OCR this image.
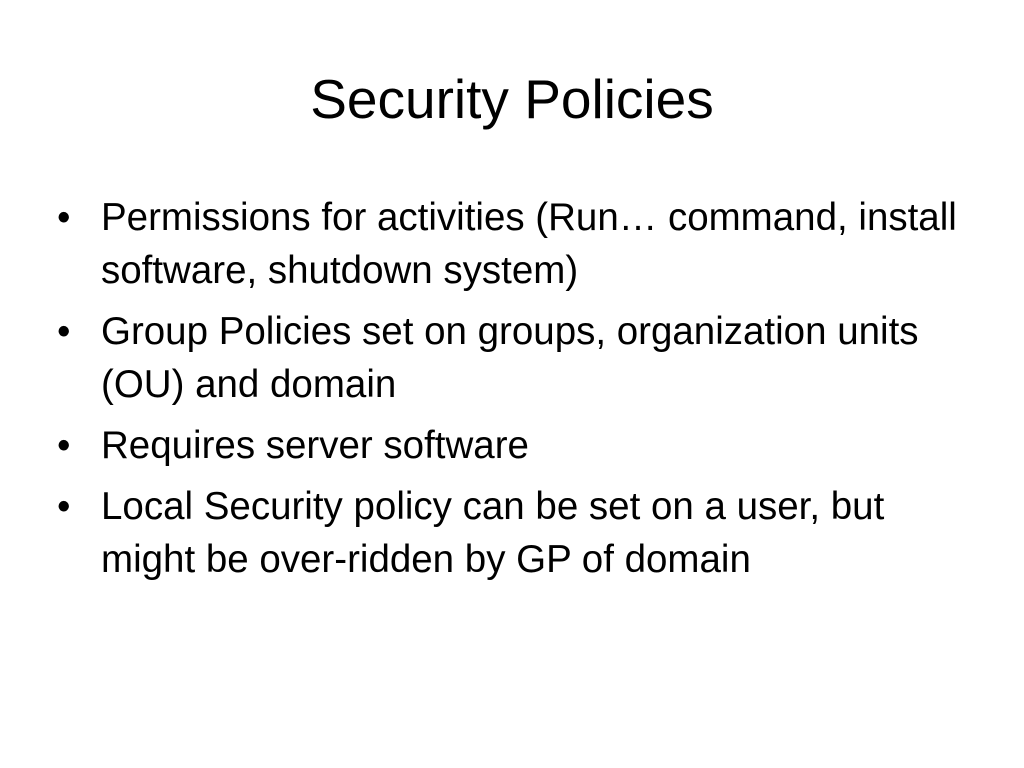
Security Policies
• Permissions for activities (Run… command, install software, shutdown system)
• Group Policies set on groups, organization units (OU) and domain
• Requires server software
• Local Security policy can be set on a user, but might be over-ridden by GP of domain
